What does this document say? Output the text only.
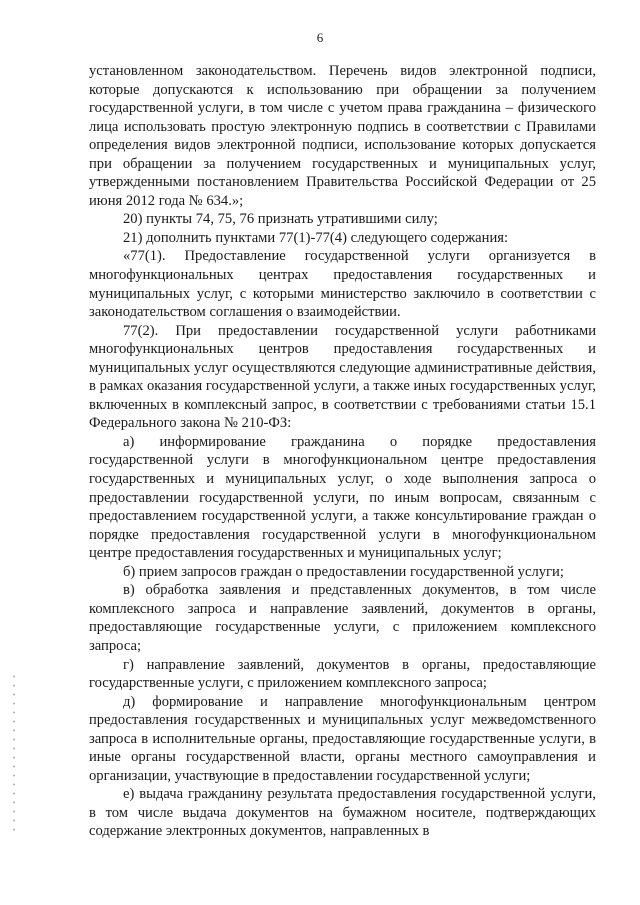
6

установленном законодательством. Перечень видов электронной подписи, которые допускаются к использованию при обращении за получением государственной услуги, в том числе с учетом права гражданина – физического лица использовать простую электронную подпись в соответствии с Правилами определения видов электронной подписи, использование которых допускается при обращении за получением государственных и муниципальных услуг, утвержденными постановлением Правительства Российской Федерации от 25 июня 2012 года № 634.»;

20) пункты 74, 75, 76 признать утратившими силу;

21) дополнить пунктами 77(1)-77(4) следующего содержания:

«77(1). Предоставление государственной услуги организуется в многофункциональных центрах предоставления государственных и муниципальных услуг, с которыми министерство заключило в соответствии с законодательством соглашения о взаимодействии.

77(2). При предоставлении государственной услуги работниками многофункциональных центров предоставления государственных и муниципальных услуг осуществляются следующие административные действия, в рамках оказания государственной услуги, а также иных государственных услуг, включенных в комплексный запрос, в соответствии с требованиями статьи 15.1 Федерального закона № 210-ФЗ:

а) информирование гражданина о порядке предоставления государственной услуги в многофункциональном центре предоставления государственных и муниципальных услуг, о ходе выполнения запроса о предоставлении государственной услуги, по иным вопросам, связанным с предоставлением государственной услуги, а также консультирование граждан о порядке предоставления государственной услуги в многофункциональном центре предоставления государственных и муниципальных услуг;

б) прием запросов граждан о предоставлении государственной услуги;

в) обработка заявления и представленных документов, в том числе комплексного запроса и направление заявлений, документов в органы, предоставляющие государственные услуги, с приложением комплексного запроса;

г) направление заявлений, документов в органы, предоставляющие государственные услуги, с приложением комплексного запроса;

д) формирование и направление многофункциональным центром предоставления государственных и муниципальных услуг межведомственного запроса в исполнительные органы, предоставляющие государственные услуги, в иные органы государственной власти, органы местного самоуправления и организации, участвующие в предоставлении государственной услуги;

е) выдача гражданину результата предоставления государственной услуги, в том числе выдача документов на бумажном носителе, подтверждающих содержание электронных документов, направленных в
